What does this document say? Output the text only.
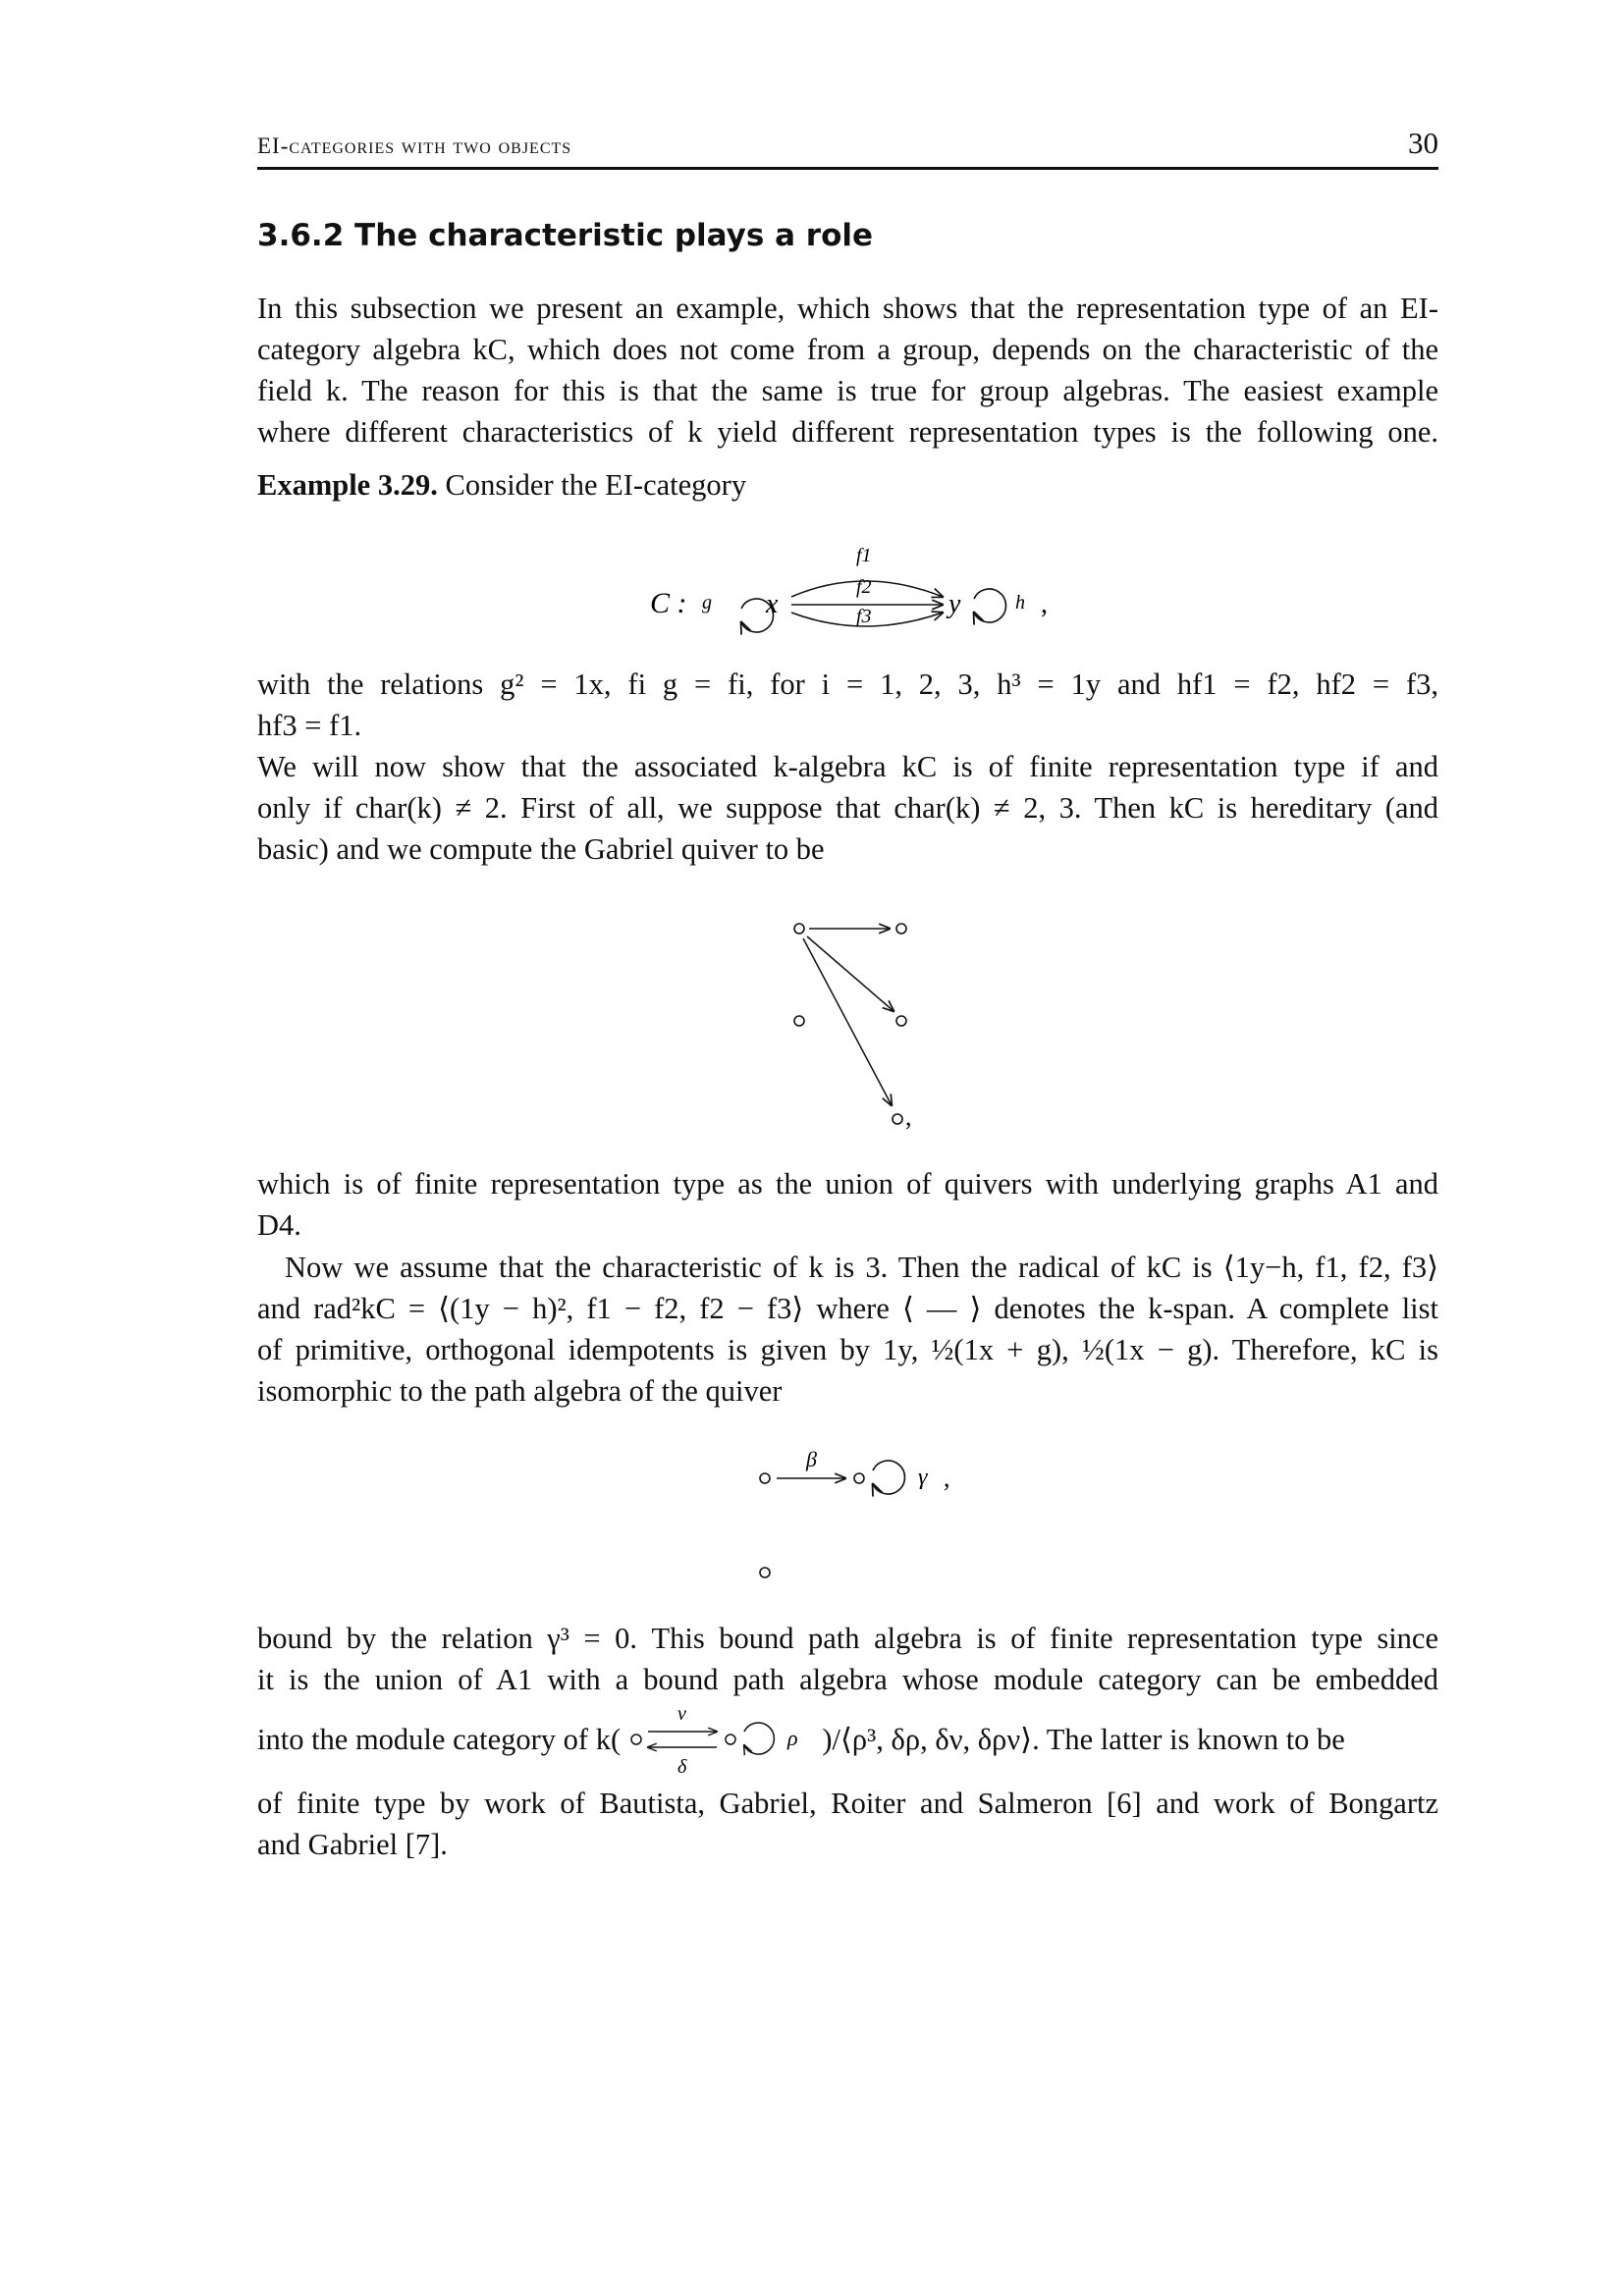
EI-categories with two objects	30
3.6.2 The characteristic plays a role
In this subsection we present an example, which shows that the representation type of an EI-
category algebra kC, which does not come from a group, depends on the characteristic of the
field k. The reason for this is that the same is true for group algebras. The easiest example
where different characteristics of k yield different representation types is the following one.
Example 3.29. Consider the EI-category
C : g x
f1
f2
f3	y	h ,
with the relations g² = 1x, fi g = fi, for i = 1, 2, 3, h³ = 1y and hf1 = f2, hf2 = f3,
hf3 = f1.
We will now show that the associated k-algebra kC is of finite representation type if and
only if char(k) ≠ 2. First of all, we suppose that char(k) ≠ 2, 3. Then kC is hereditary (and
basic) and we compute the Gabriel quiver to be
,
which is of finite representation type as the union of quivers with underlying graphs A1 and
D4.
Now we assume that the characteristic of k is 3. Then the radical of kC is ⟨1y−h, f1, f2, f3⟩
and rad²kC = ⟨(1y − h)², f1 − f2, f2 − f3⟩ where ⟨ — ⟩ denotes the k-span. A complete list
of primitive, orthogonal idempotents is given by 1y, ½(1x + g), ½(1x − g). Therefore, kC is
isomorphic to the path algebra of the quiver
β
γ ,
bound by the relation γ³ = 0. This bound path algebra is of finite representation type since
it is the union of A1 with a bound path algebra whose module category can be embedded
into the module category of k(
ν
δ
ρ )/⟨ρ³, δρ, δν, δρν⟩. The latter is known to be
of finite type by work of Bautista, Gabriel, Roiter and Salmeron [6] and work of Bongartz
and Gabriel [7].
